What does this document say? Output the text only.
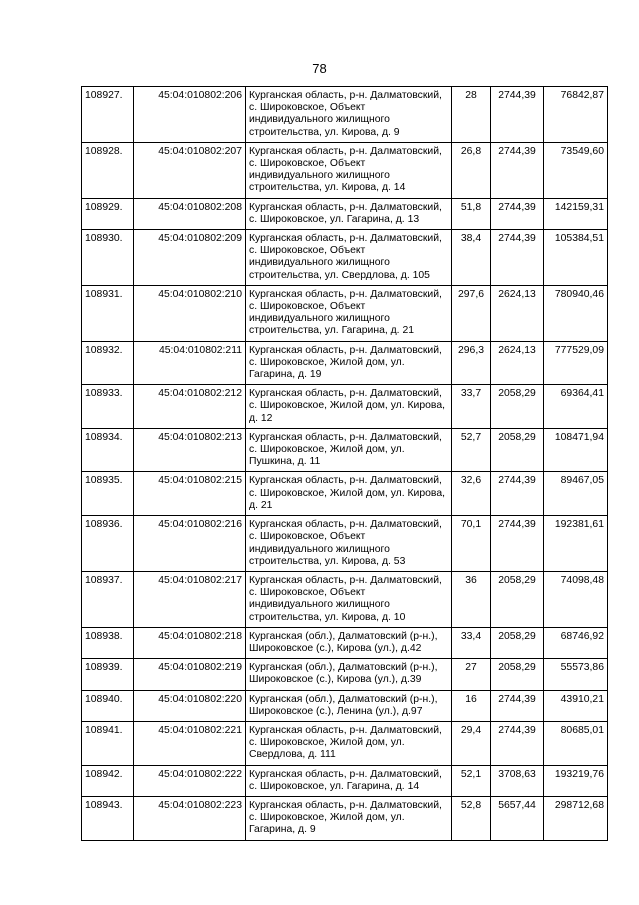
78
108927.	45:04:010802:206	Курганская область, р-н. Далматовский, с. Широковское, Объект индивидуального жилищного строительства, ул. Кирова, д. 9	28	2744,39	76842,87
108928.	45:04:010802:207	Курганская область, р-н. Далматовский, с. Широковское, Объект индивидуального жилищного строительства, ул. Кирова, д. 14	26,8	2744,39	73549,60
108929.	45:04:010802:208	Курганская область, р-н. Далматовский, с. Широковское, ул. Гагарина, д. 13	51,8	2744,39	142159,31
108930.	45:04:010802:209	Курганская область, р-н. Далматовский, с. Широковское, Объект индивидуального жилищного строительства, ул. Свердлова, д. 105	38,4	2744,39	105384,51
108931.	45:04:010802:210	Курганская область, р-н. Далматовский, с. Широковское, Объект индивидуального жилищного строительства, ул. Гагарина, д. 21	297,6	2624,13	780940,46
108932.	45:04:010802:211	Курганская область, р-н. Далматовский, с. Широковское, Жилой дом, ул. Гагарина, д. 19	296,3	2624,13	777529,09
108933.	45:04:010802:212	Курганская область, р-н. Далматовский, с. Широковское, Жилой дом, ул. Кирова, д. 12	33,7	2058,29	69364,41
108934.	45:04:010802:213	Курганская область, р-н. Далматовский, с. Широковское, Жилой дом, ул. Пушкина, д. 11	52,7	2058,29	108471,94
108935.	45:04:010802:215	Курганская область, р-н. Далматовский, с. Широковское, Жилой дом, ул. Кирова, д. 21	32,6	2744,39	89467,05
108936.	45:04:010802:216	Курганская область, р-н. Далматовский, с. Широковское, Объект индивидуального жилищного строительства, ул. Кирова, д. 53	70,1	2744,39	192381,61
108937.	45:04:010802:217	Курганская область, р-н. Далматовский, с. Широковское, Объект индивидуального жилищного строительства, ул. Кирова, д. 10	36	2058,29	74098,48
108938.	45:04:010802:218	Курганская (обл.), Далматовский (р-н.), Широковское (с.), Кирова (ул.), д.42	33,4	2058,29	68746,92
108939.	45:04:010802:219	Курганская (обл.), Далматовский (р-н.), Широковское (с.), Кирова (ул.), д.39	27	2058,29	55573,86
108940.	45:04:010802:220	Курганская (обл.), Далматовский (р-н.), Широковское (с.), Ленина (ул.), д.97	16	2744,39	43910,21
108941.	45:04:010802:221	Курганская область, р-н. Далматовский, с. Широковское, Жилой дом, ул. Свердлова, д. 111	29,4	2744,39	80685,01
108942.	45:04:010802:222	Курганская область, р-н. Далматовский, с. Широковское, ул. Гагарина, д. 14	52,1	3708,63	193219,76
108943.	45:04:010802:223	Курганская область, р-н. Далматовский, с. Широковское, Жилой дом, ул. Гагарина, д. 9	52,8	5657,44	298712,68
